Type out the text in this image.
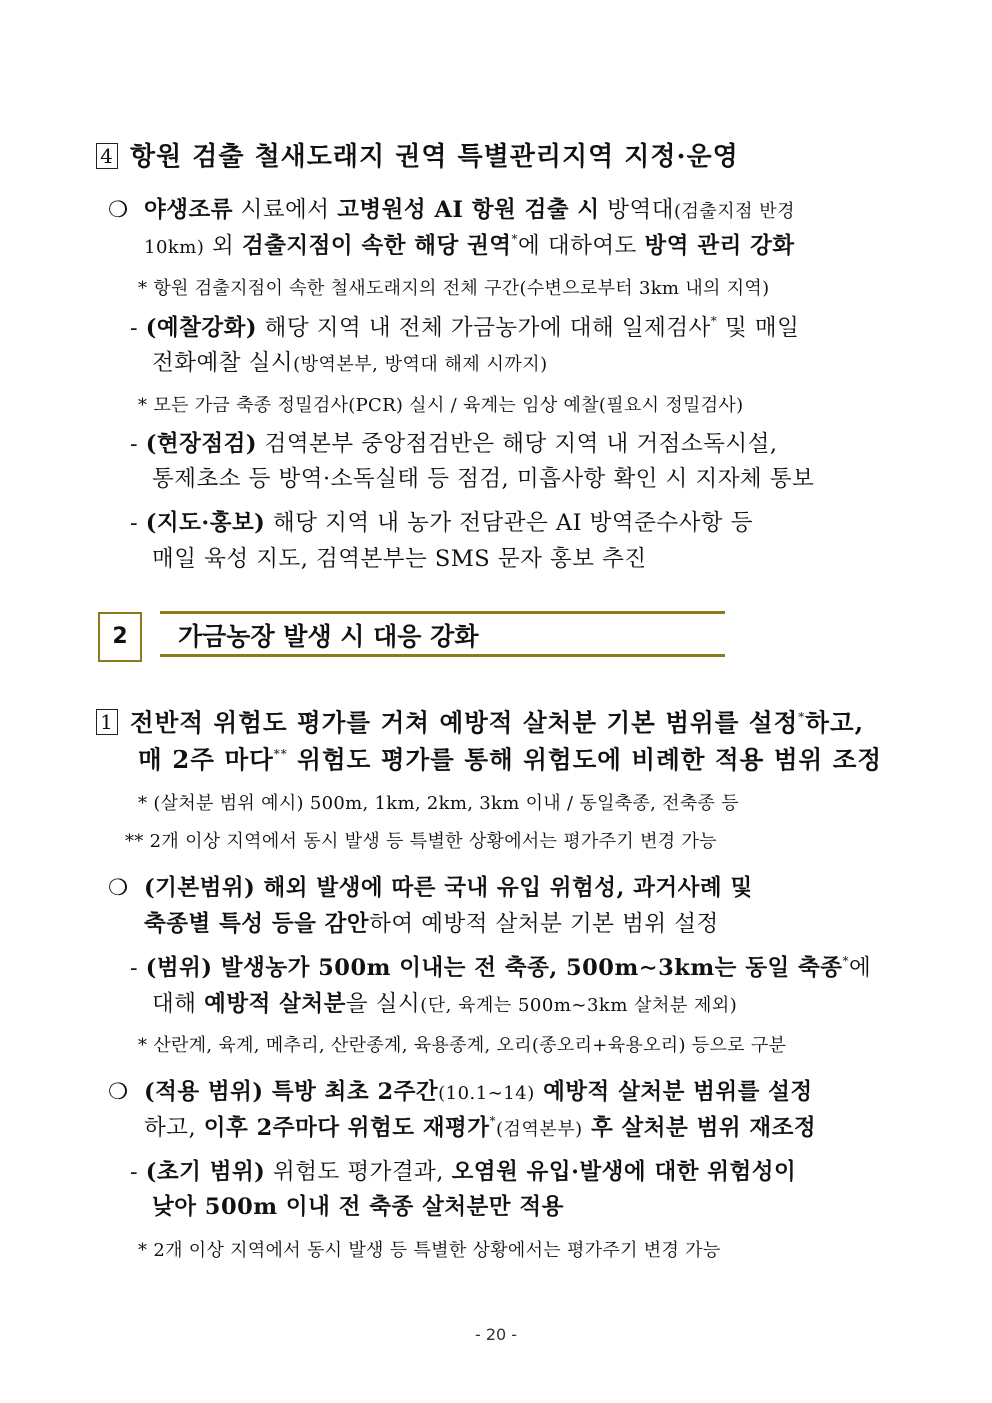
4 항원 검출 철새도래지 권역 특별관리지역 지정·운영
❍ 야생조류 시료에서 고병원성 AI 항원 검출 시 방역대(검출지점 반경
10km) 외 검출지점이 속한 해당 권역*에 대하여도 방역 관리 강화
* 항원 검출지점이 속한 철새도래지의 전체 구간(수변으로부터 3km 내의 지역)
- (예찰강화) 해당 지역 내 전체 가금농가에 대해 일제검사* 및 매일
전화예찰 실시(방역본부, 방역대 해제 시까지)
* 모든 가금 축종 정밀검사(PCR) 실시 / 육계는 임상 예찰(필요시 정밀검사)
- (현장점검) 검역본부 중앙점검반은 해당 지역 내 거점소독시설,
통제초소 등 방역·소독실태 등 점검, 미흡사항 확인 시 지자체 통보
- (지도·홍보) 해당 지역 내 농가 전담관은 AI 방역준수사항 등
매일 육성 지도, 검역본부는 SMS 문자 홍보 추진
2	가금농장 발생 시 대응 강화
1 전반적 위험도 평가를 거쳐 예방적 살처분 기본 범위를 설정*하고,
매 2주 마다** 위험도 평가를 통해 위험도에 비례한 적용 범위 조정
* (살처분 범위 예시) 500m, 1km, 2km, 3km 이내 / 동일축종, 전축종 등
** 2개 이상 지역에서 동시 발생 등 특별한 상황에서는 평가주기 변경 가능
❍ (기본범위) 해외 발생에 따른 국내 유입 위험성, 과거사례 및
축종별 특성 등을 감안하여 예방적 살처분 기본 범위 설정
- (범위) 발생농가 500m 이내는 전 축종, 500m∼3km는 동일 축종*에
대해 예방적 살처분을 실시(단, 육계는 500m∼3km 살처분 제외)
* 산란계, 육계, 메추리, 산란종계, 육용종계, 오리(종오리+육용오리) 등으로 구분
❍ (적용 범위) 특방 최초 2주간(10.1∼14) 예방적 살처분 범위를 설정
하고, 이후 2주마다 위험도 재평가*(검역본부) 후 살처분 범위 재조정
- (초기 범위) 위험도 평가결과, 오염원 유입·발생에 대한 위험성이
낮아 500m 이내 전 축종 살처분만 적용
* 2개 이상 지역에서 동시 발생 등 특별한 상황에서는 평가주기 변경 가능
- 20 -
